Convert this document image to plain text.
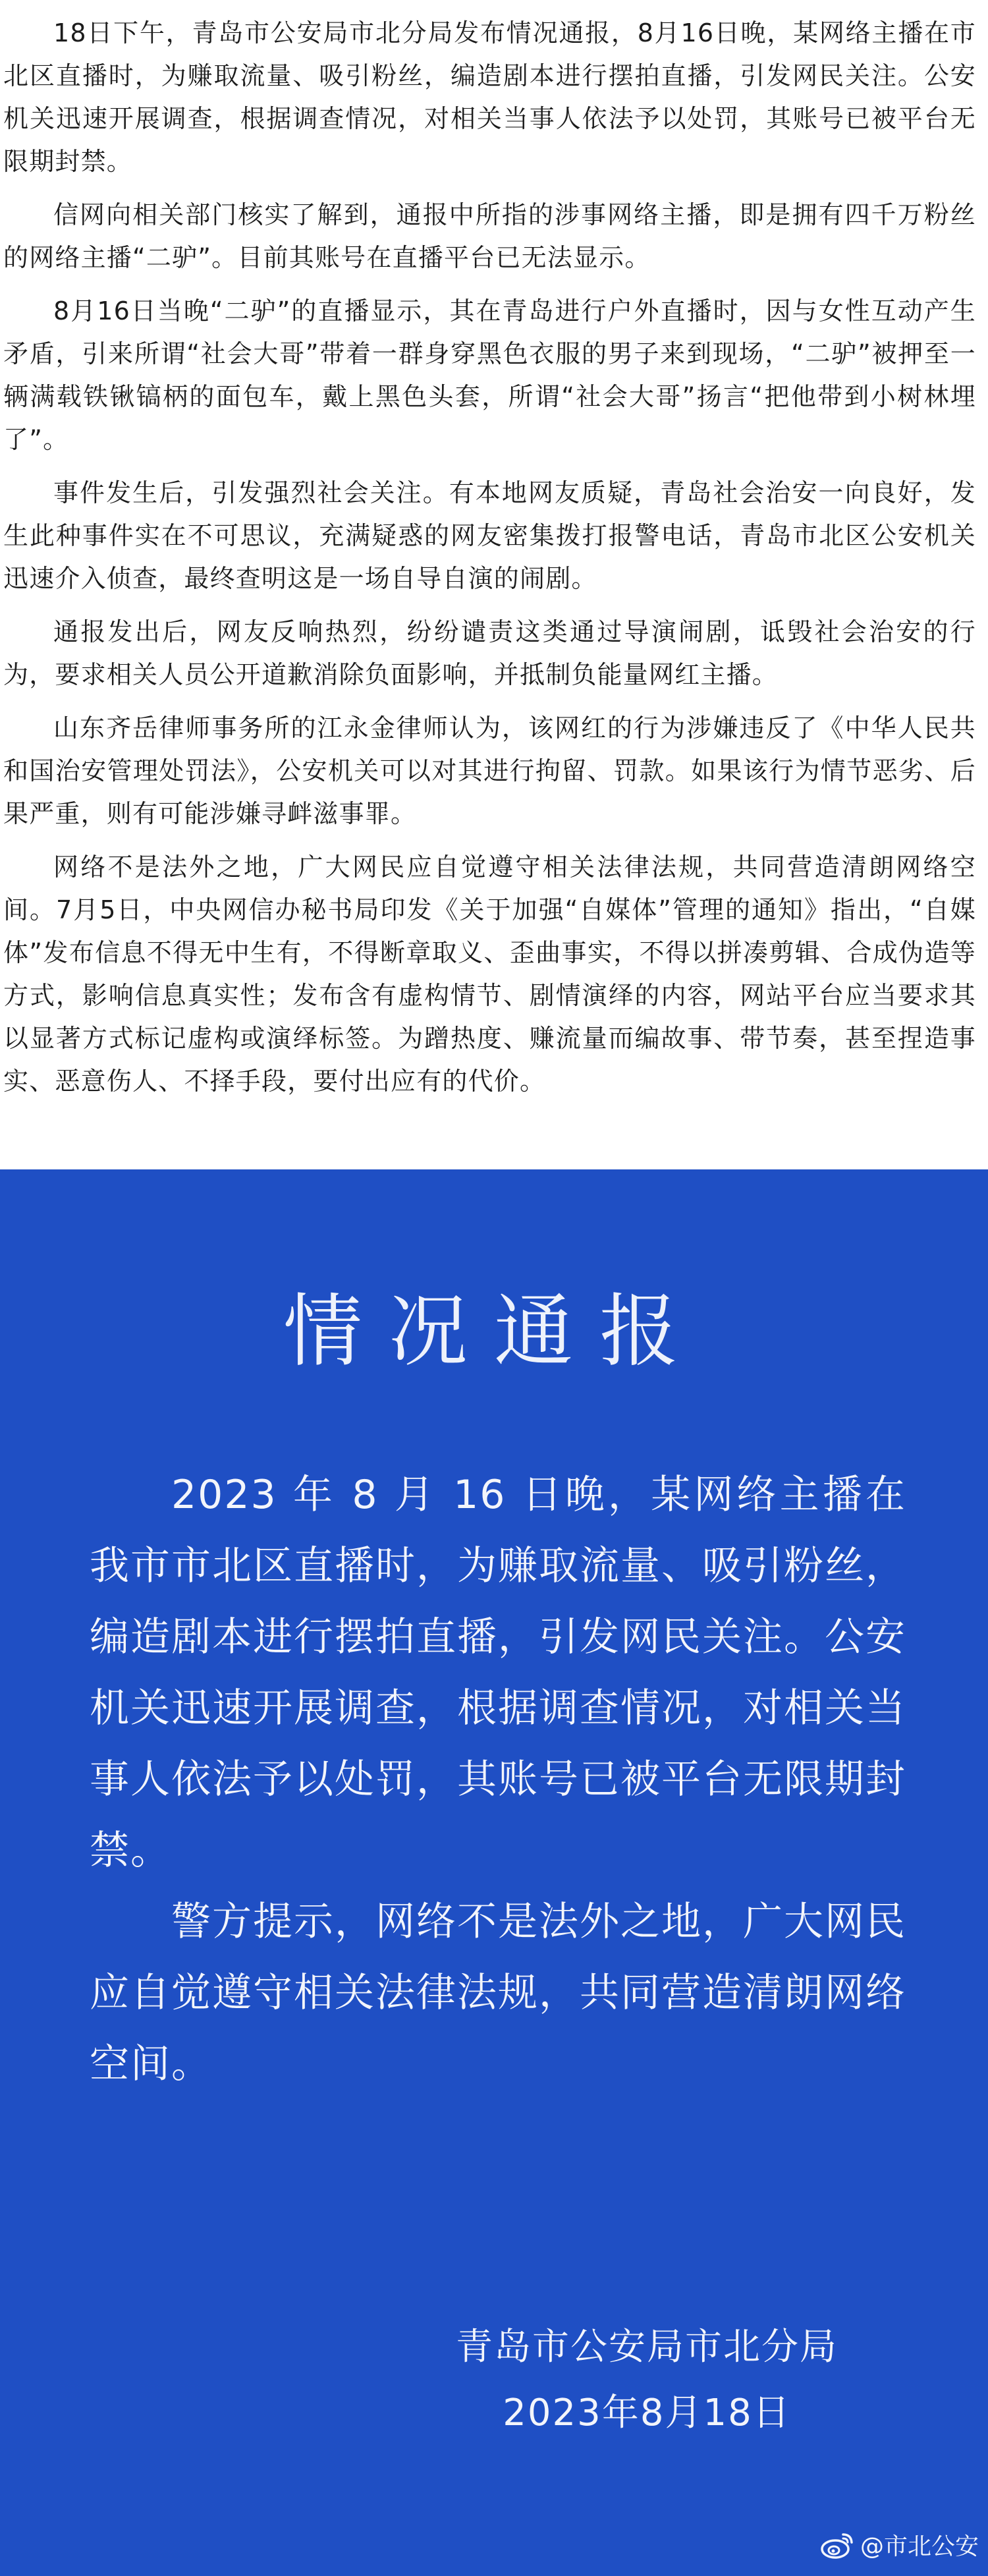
18日下午，青岛市公安局市北分局发布情况通报，8月16日晚，某网络主播在市北区直播时，为赚取流量、吸引粉丝，编造剧本进行摆拍直播，引发网民关注。公安机关迅速开展调查，根据调查情况，对相关当事人依法予以处罚，其账号已被平台无限期封禁。

信网向相关部门核实了解到，通报中所指的涉事网络主播，即是拥有四千万粉丝的网络主播“二驴”。目前其账号在直播平台已无法显示。

8月16日当晚“二驴”的直播显示，其在青岛进行户外直播时，因与女性互动产生矛盾，引来所谓“社会大哥”带着一群身穿黑色衣服的男子来到现场，“二驴”被押至一辆满载铁锹镐柄的面包车，戴上黑色头套，所谓“社会大哥”扬言“把他带到小树林埋了”。

事件发生后，引发强烈社会关注。有本地网友质疑，青岛社会治安一向良好，发生此种事件实在不可思议，充满疑惑的网友密集拨打报警电话，青岛市北区公安机关迅速介入侦查，最终查明这是一场自导自演的闹剧。

通报发出后，网友反响热烈，纷纷谴责这类通过导演闹剧，诋毁社会治安的行为，要求相关人员公开道歉消除负面影响，并抵制负能量网红主播。

山东齐岳律师事务所的江永金律师认为，该网红的行为涉嫌违反了《中华人民共和国治安管理处罚法》，公安机关可以对其进行拘留、罚款。如果该行为情节恶劣、后果严重，则有可能涉嫌寻衅滋事罪。

网络不是法外之地，广大网民应自觉遵守相关法律法规，共同营造清朗网络空间。7月5日，中央网信办秘书局印发《关于加强“自媒体”管理的通知》指出，“自媒体”发布信息不得无中生有，不得断章取义、歪曲事实，不得以拼凑剪辑、合成伪造等方式，影响信息真实性；发布含有虚构情节、剧情演绎的内容，网站平台应当要求其以显著方式标记虚构或演绎标签。为蹭热度、赚流量而编故事、带节奏，甚至捏造事实、恶意伤人、不择手段，要付出应有的代价。

情况通报

2023 年 8 月 16 日晚，某网络主播在我市市北区直播时，为赚取流量、吸引粉丝，编造剧本进行摆拍直播，引发网民关注。公安机关迅速开展调查，根据调查情况，对相关当事人依法予以处罚，其账号已被平台无限期封禁。

警方提示，网络不是法外之地，广大网民应自觉遵守相关法律法规，共同营造清朗网络空间。

青岛市公安局市北分局
2023年8月18日
@市北公安
